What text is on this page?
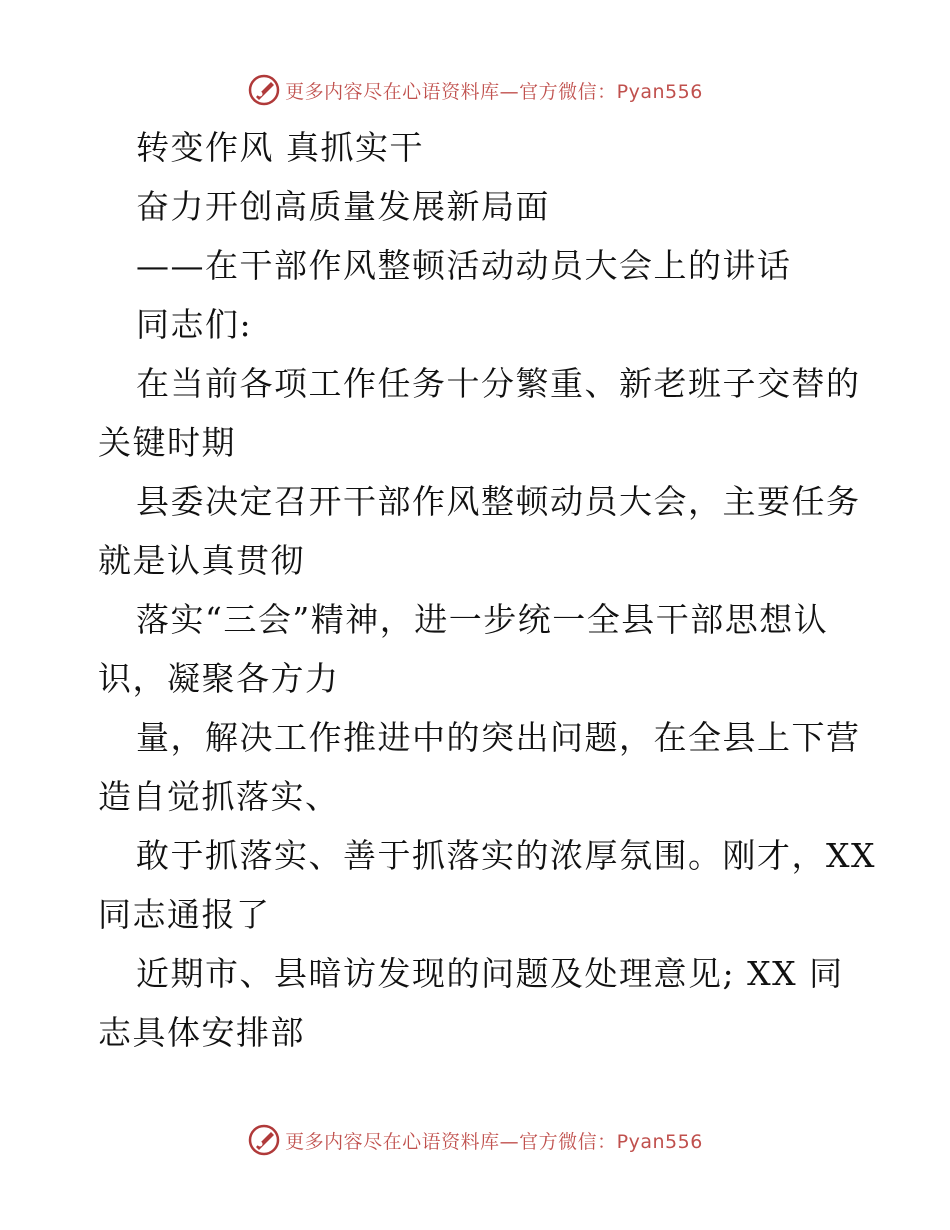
更多内容尽在心语资料库—官方微信：Pyan556
转变作风 真抓实干
奋力开创高质量发展新局面
——在干部作风整顿活动动员大会上的讲话
同志们:
在当前各项工作任务十分繁重、新老班子交替的
关键时期
县委决定召开干部作风整顿动员大会，主要任务
就是认真贯彻
落实“三会”精神，进一步统一全县干部思想认
识，凝聚各方力
量，解决工作推进中的突出问题，在全县上下营
造自觉抓落实、
敢于抓落实、善于抓落实的浓厚氛围。刚才，XX
同志通报了
近期市、县暗访发现的问题及处理意见; XX 同
志具体安排部
更多内容尽在心语资料库—官方微信：Pyan556
